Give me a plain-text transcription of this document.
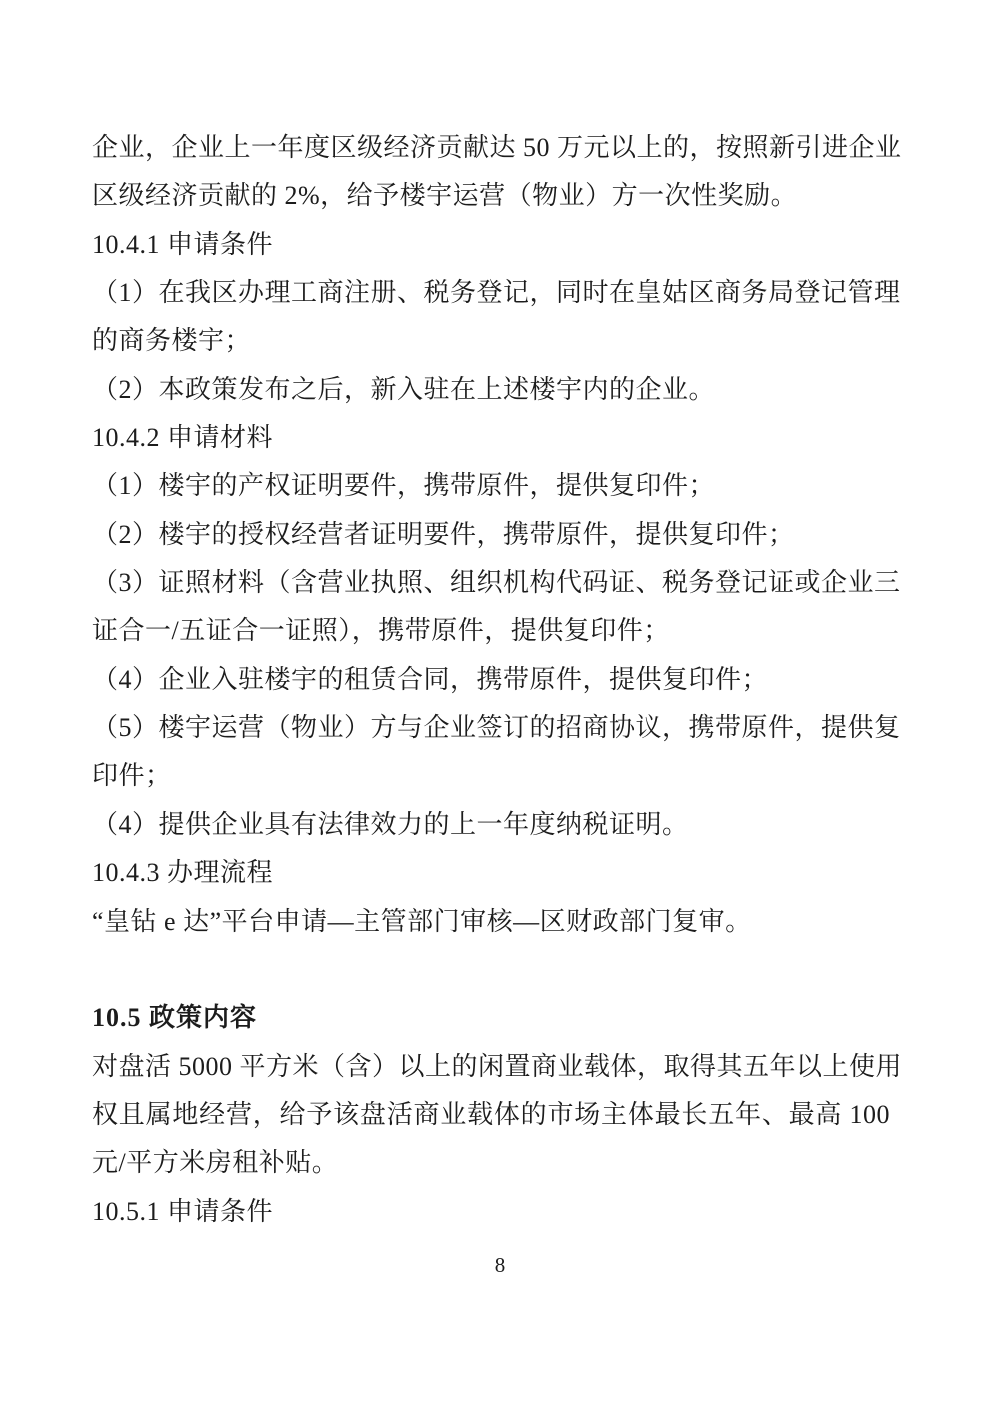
企业，企业上一年度区级经济贡献达 50 万元以上的，按照新引进企业
区级经济贡献的 2%，给予楼宇运营（物业）方一次性奖励。
10.4.1 申请条件
（1）在我区办理工商注册、税务登记，同时在皇姑区商务局登记管理
的商务楼宇；
（2）本政策发布之后，新入驻在上述楼宇内的企业。
10.4.2 申请材料
（1）楼宇的产权证明要件，携带原件，提供复印件；
（2）楼宇的授权经营者证明要件，携带原件，提供复印件；
（3）证照材料（含营业执照、组织机构代码证、税务登记证或企业三
证合一/五证合一证照），携带原件，提供复印件；
（4）企业入驻楼宇的租赁合同，携带原件，提供复印件；
（5）楼宇运营（物业）方与企业签订的招商协议，携带原件，提供复
印件；
（4）提供企业具有法律效力的上一年度纳税证明。
10.4.3 办理流程
“皇钻 e 达”平台申请—主管部门审核—区财政部门复审。
10.5 政策内容
对盘活 5000 平方米（含）以上的闲置商业载体，取得其五年以上使用
权且属地经营，给予该盘活商业载体的市场主体最长五年、最高 100
元/平方米房租补贴。
10.5.1 申请条件
8
